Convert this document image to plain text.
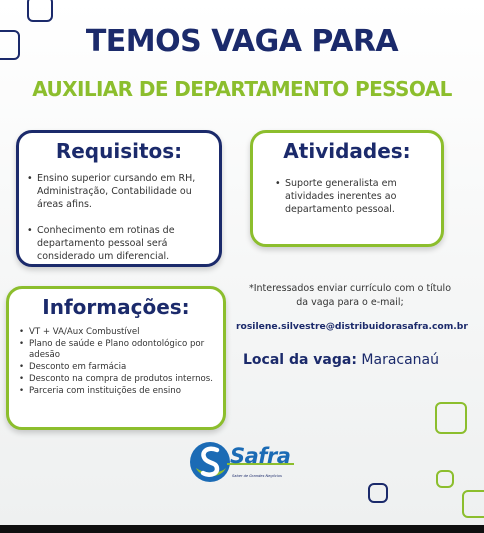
TEMOS VAGA PARA
AUXILIAR DE DEPARTAMENTO PESSOAL
Requisitos:
• Ensino superior cursando em RH, Administração, Contabilidade ou áreas afins.
• Conhecimento em rotinas de departamento pessoal será considerado um diferencial.
Atividades:
• Suporte generalista em atividades inerentes ao departamento pessoal.
Informações:
• VT + VA/Aux Combustível
• Plano de saúde e Plano odontológico por adesão
• Desconto em farmácia
• Desconto na compra de produtos internos.
• Parceria com instituições de ensino
*Interessados enviar currículo com o título da vaga para o e-mail;
rosilene.silvestre@distribuidorasafra.com.br
Local da vaga: Maracanaú
Safra
Saber de Grandes Negócios
